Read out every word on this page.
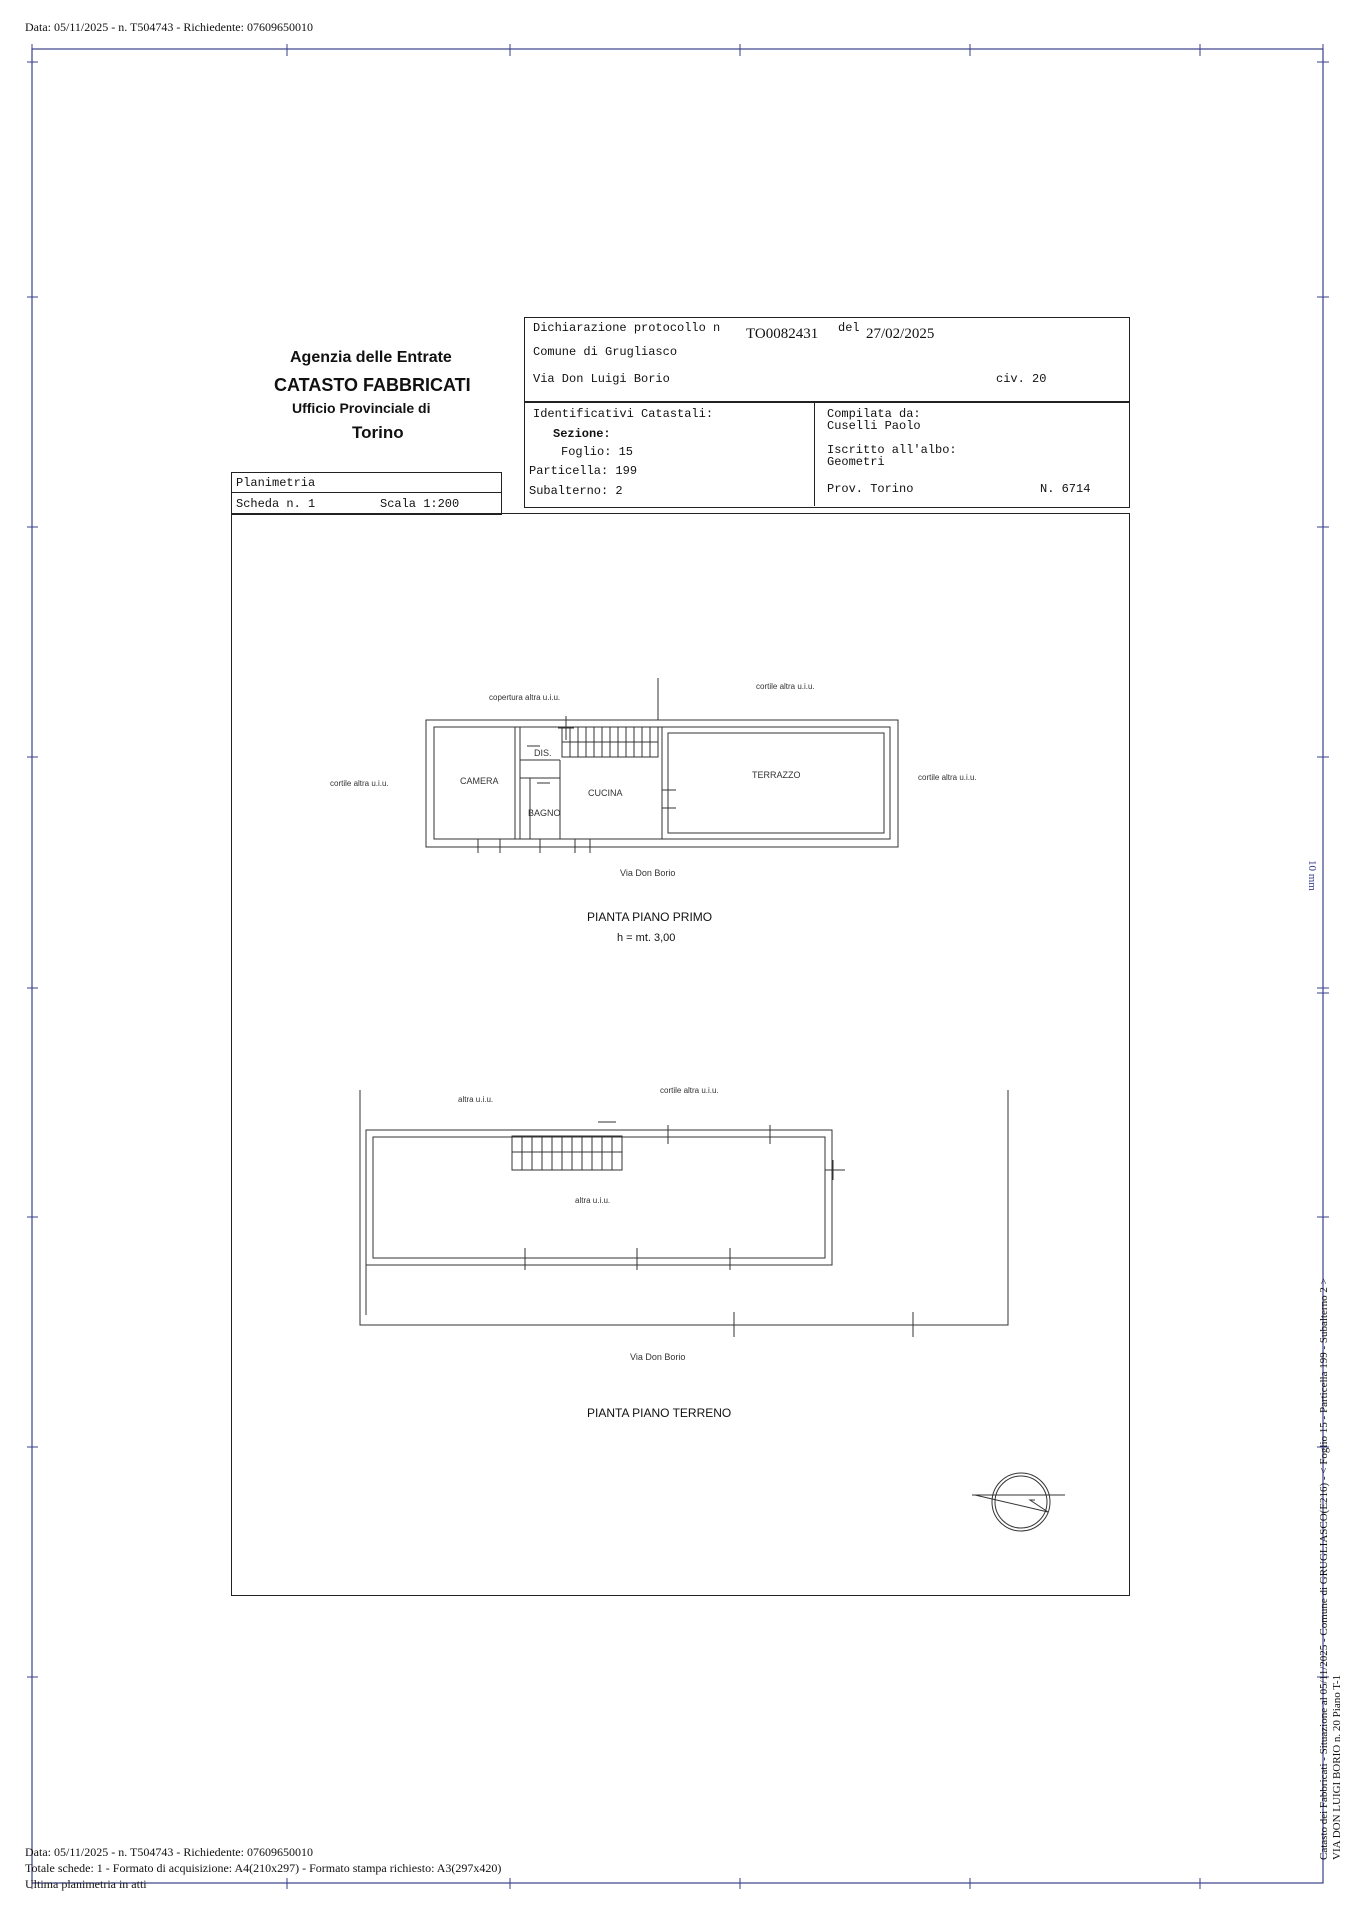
Data: 05/11/2025 - n. T504743 - Richiedente: 07609650010
10 mm
Agenzia delle Entrate
CATASTO FABBRICATI
Ufficio Provinciale di
Torino
Dichiarazione protocollo n TO0082431 del 27/02/2025
Comune di Grugliasco
Via Don Luigi Borio	civ. 20
Identificativi Catastali:
Sezione:
Foglio: 15
Particella: 199
Subalterno: 2
Compilata da:
Cuselli Paolo
Iscritto all'albo:
Geometri
Prov. Torino	N. 6714
Planimetria
Scheda n. 1	Scala 1:200
copertura altra u.i.u.
cortile altra u.i.u.
cortile altra u.i.u.
cortile altra u.i.u.
CAMERA
DIS.
BAGNO
CUCINA
TERRAZZO
Via Don Borio
PIANTA PIANO PRIMO
h = mt. 3,00
altra u.i.u.
cortile altra u.i.u.
altra u.i.u.
Via Don Borio
PIANTA PIANO TERRENO	Catasto dei Fabbricati - Situazione al 05/11/2025 - Comune di GRUGLIASCO(E216) - < Foglio 15 - Particella 199 - Subalterno 2 > VIA DON LUIGI BORIO n. 20 Piano T-1
Data: 05/11/2025 - n. T504743 - Richiedente: 07609650010
Totale schede: 1 - Formato di acquisizione: A4(210x297) - Formato stampa richiesto: A3(297x420)
Ultima planimetria in atti
